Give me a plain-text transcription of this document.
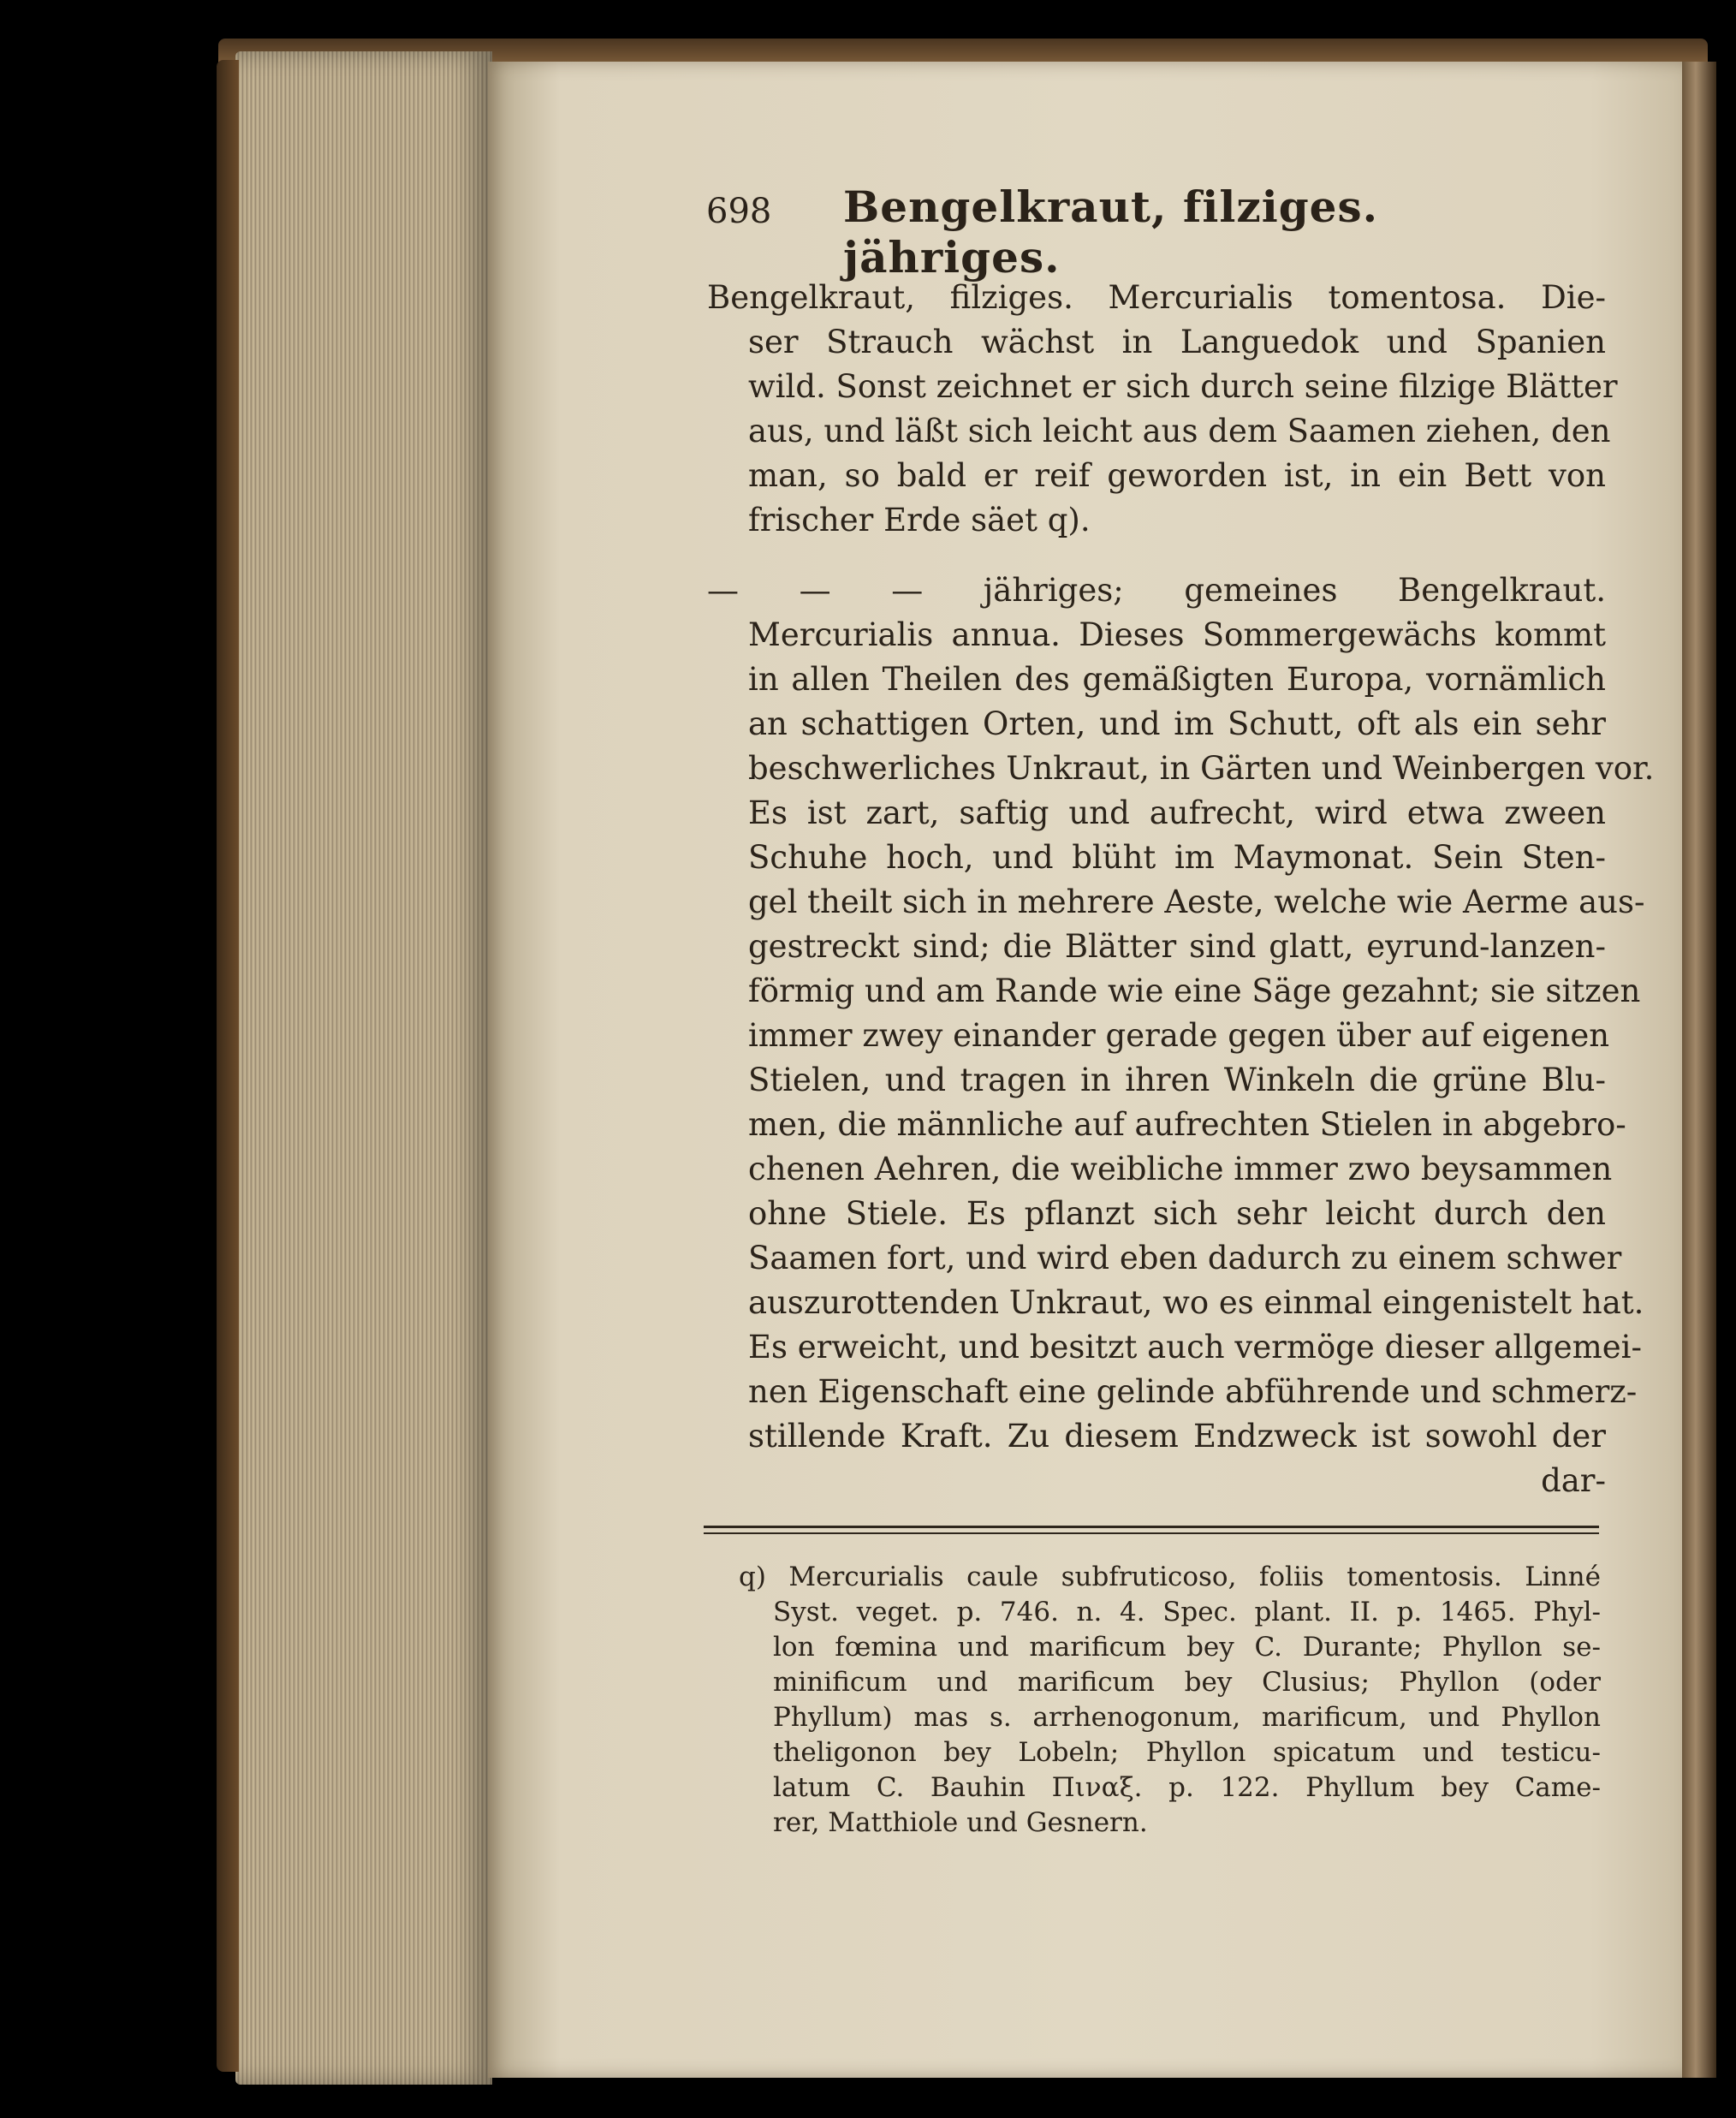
698 Bengelkraut, filziges. jähriges.
Bengelkraut, filziges. Mercurialis tomentosa. Die-
ser Strauch wächst in Languedok und Spanien
wild. Sonst zeichnet er sich durch seine filzige Blätter
aus, und läßt sich leicht aus dem Saamen ziehen, den
man, so bald er reif geworden ist, in ein Bett von
frischer Erde säet q).
— — — jähriges; gemeines Bengelkraut.
Mercurialis annua. Dieses Sommergewächs kommt
in allen Theilen des gemäßigten Europa, vornämlich
an schattigen Orten, und im Schutt, oft als ein sehr
beschwerliches Unkraut, in Gärten und Weinbergen vor.
Es ist zart, saftig und aufrecht, wird etwa zween
Schuhe hoch, und blüht im Maymonat. Sein Sten-
gel theilt sich in mehrere Aeste, welche wie Aerme aus-
gestreckt sind; die Blätter sind glatt, eyrund-lanzen-
förmig und am Rande wie eine Säge gezahnt; sie sitzen
immer zwey einander gerade gegen über auf eigenen
Stielen, und tragen in ihren Winkeln die grüne Blu-
men, die männliche auf aufrechten Stielen in abgebro-
chenen Aehren, die weibliche immer zwo beysammen
ohne Stiele. Es pflanzt sich sehr leicht durch den
Saamen fort, und wird eben dadurch zu einem schwer
auszurottenden Unkraut, wo es einmal eingenistelt hat.
Es erweicht, und besitzt auch vermöge dieser allgemei-
nen Eigenschaft eine gelinde abführende und schmerz-
stillende Kraft. Zu diesem Endzweck ist sowohl der
dar-
q) Mercurialis caule subfruticoso, foliis tomentosis. Linné
Syst. veget. p. 746. n. 4. Spec. plant. II. p. 1465. Phyl-
lon fœmina und marificum bey C. Durante; Phyllon se-
minificum und marificum bey Clusius; Phyllon (oder
Phyllum) mas s. arrhenogonum, marificum, und Phyllon
theligonon bey Lobeln; Phyllon spicatum und testicu-
latum C. Bauhin Πιναξ. p. 122. Phyllum bey Came-
rer, Matthiole und Gesnern.
